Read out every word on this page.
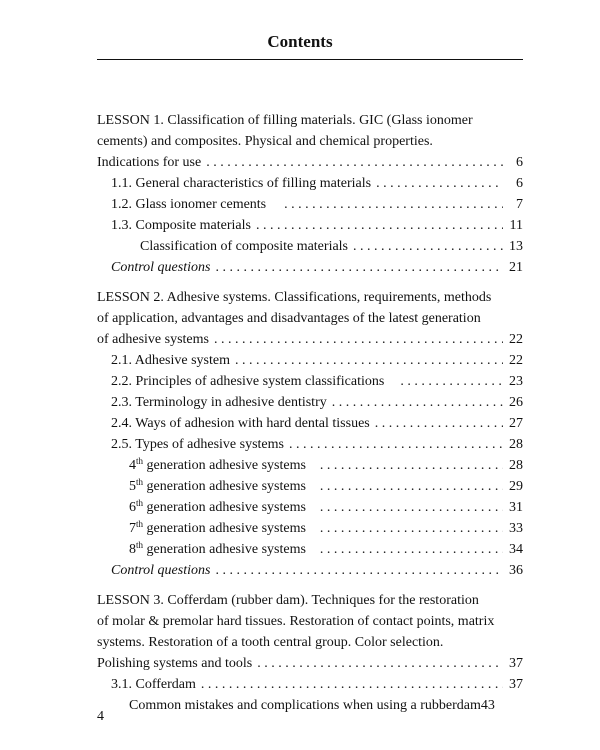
Contents
LESSON 1. Classification of filling materials. GIC (Glass ionomer
cements) and composites. Physical and chemical properties.
Indications for use . . .	6
1.1. General characteristics of filling materials . . .	6
1.2. Glass ionomer cements . . .	7
1.3. Composite materials . . .	11
Classification of composite materials . . .	13
Control questions . . .	21
LESSON 2. Adhesive systems. Classifications, requirements, methods
of application, advantages and disadvantages of the latest generation
of adhesive systems . . .	22
2.1. Adhesive system . . .	22
2.2. Principles of adhesive system classifications . . .	23
2.3. Terminology in adhesive dentistry . . .	26
2.4. Ways of adhesion with hard dental tissues . . .	27
2.5. Types of adhesive systems . . .	28
4th generation adhesive systems . . .	28
5th generation adhesive systems . . .	29
6th generation adhesive systems . . .	31
7th generation adhesive systems . . .	33
8th generation adhesive systems . . .	34
Control questions . . .	36
LESSON 3. Cofferdam (rubber dam). Techniques for the restoration
of molar & premolar hard tissues. Restoration of contact points, matrix
systems. Restoration of a tooth central group. Color selection.
Polishing systems and tools . . .	37
3.1. Cofferdam . . .	37
Common mistakes and complications when using a rubberdam 43
4
